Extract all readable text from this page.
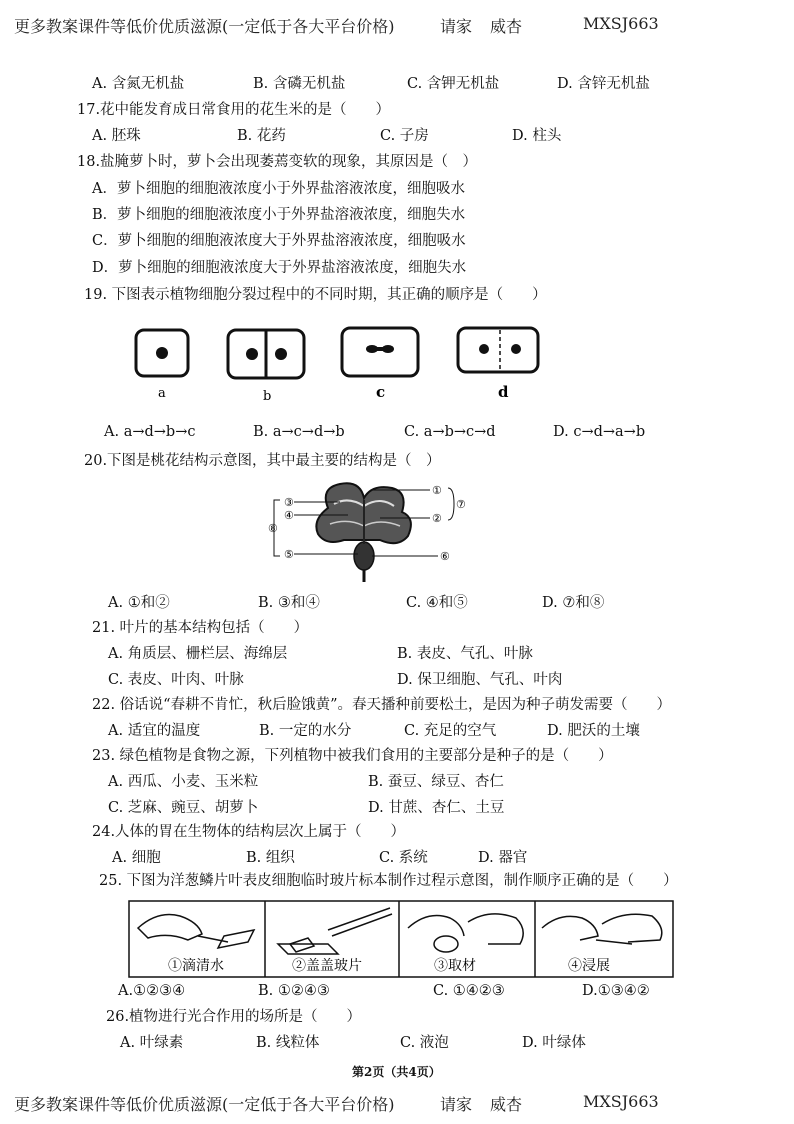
更多教案课件等低价优质滋源(一定低于各大平台价格)	请家 威杏	MXSJ663
A. 含氮无机盐	B. 含磷无机盐	C. 含钾无机盐	D. 含锌无机盐
17.花中能发育成日常食用的花生米的是（　　）
A. 胚珠	B. 花药	C. 子房	D. 柱头
18.盐腌萝卜时，萝卜会出现萎蔫变软的现象，其原因是（　）
A．萝卜细胞的细胞液浓度小于外界盐溶液浓度，细胞吸水
B．萝卜细胞的细胞液浓度小于外界盐溶液浓度，细胞失水
C．萝卜细胞的细胞液浓度大于外界盐溶液浓度，细胞吸水
D．萝卜细胞的细胞液浓度大于外界盐溶液浓度，细胞失水
19. 下图表示植物细胞分裂过程中的不同时期，其正确的顺序是（　　）
a	b	c	d
A. a→d→b→c	B. a→c→d→b	C. a→b→c→d	D. c→d→a→b
20.下图是桃花结构示意图，其中最主要的结构是（　）
③
④
⑤
①
②
⑥
⑦
⑧
A. ①和②	B. ③和④	C. ④和⑤	D. ⑦和⑧
21. 叶片的基本结构包括（　　）
A. 角质层、栅栏层、海绵层	B. 表皮、气孔、叶脉
C. 表皮、叶肉、叶脉	D. 保卫细胞、气孔、叶肉
22. 俗话说“春耕不肯忙，秋后脸饿黄”。春天播种前要松土，是因为种子萌发需要（　　）
A. 适宜的温度	B. 一定的水分	C. 充足的空气	D. 肥沃的土壤
23. 绿色植物是食物之源，下列植物中被我们食用的主要部分是种子的是（　　）
A. 西瓜、小麦、玉米粒	B. 蚕豆、绿豆、杏仁
C. 芝麻、豌豆、胡萝卜	D. 甘蔗、杏仁、土豆
24.人体的胃在生物体的结构层次上属于（　　）
A. 细胞	B. 组织	C. 系统	D. 器官
25. 下图为洋葱鳞片叶表皮细胞临时玻片标本制作过程示意图，制作顺序正确的是（　　）
①滴清水	②盖盖玻片	③取材	④浸展
A.①②③④	B. ①②④③	C. ①④②③	D.①③④②
26.植物进行光合作用的场所是（　　）
A. 叶绿素	B. 线粒体	C. 液泡	D. 叶绿体
第2页（共4页）
更多教案课件等低价优质滋源(一定低于各大平台价格)	请家 威杏	MXSJ663
